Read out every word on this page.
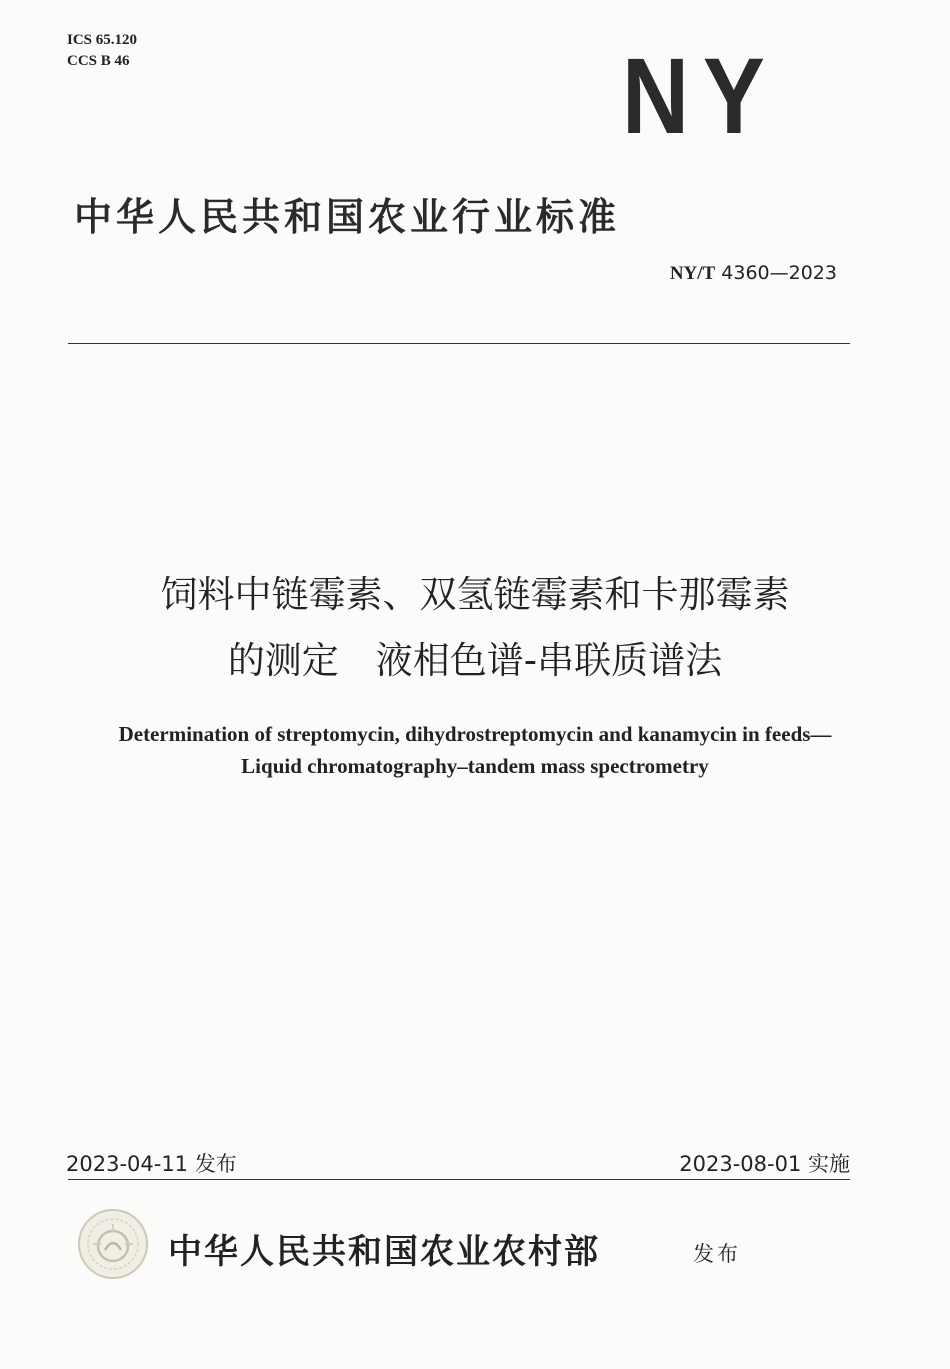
ICS 65.120
CCS B 46	NY
中华人民共和国农业行业标准
NY/T 4360—2023
饲料中链霉素、双氢链霉素和卡那霉素
的测定　液相色谱-串联质谱法
Determination of streptomycin, dihydrostreptomycin and kanamycin in feeds—
Liquid chromatography–tandem mass spectrometry
2023-04-11 发布	2023-08-01 实施
中华人民共和国农业农村部	发布
